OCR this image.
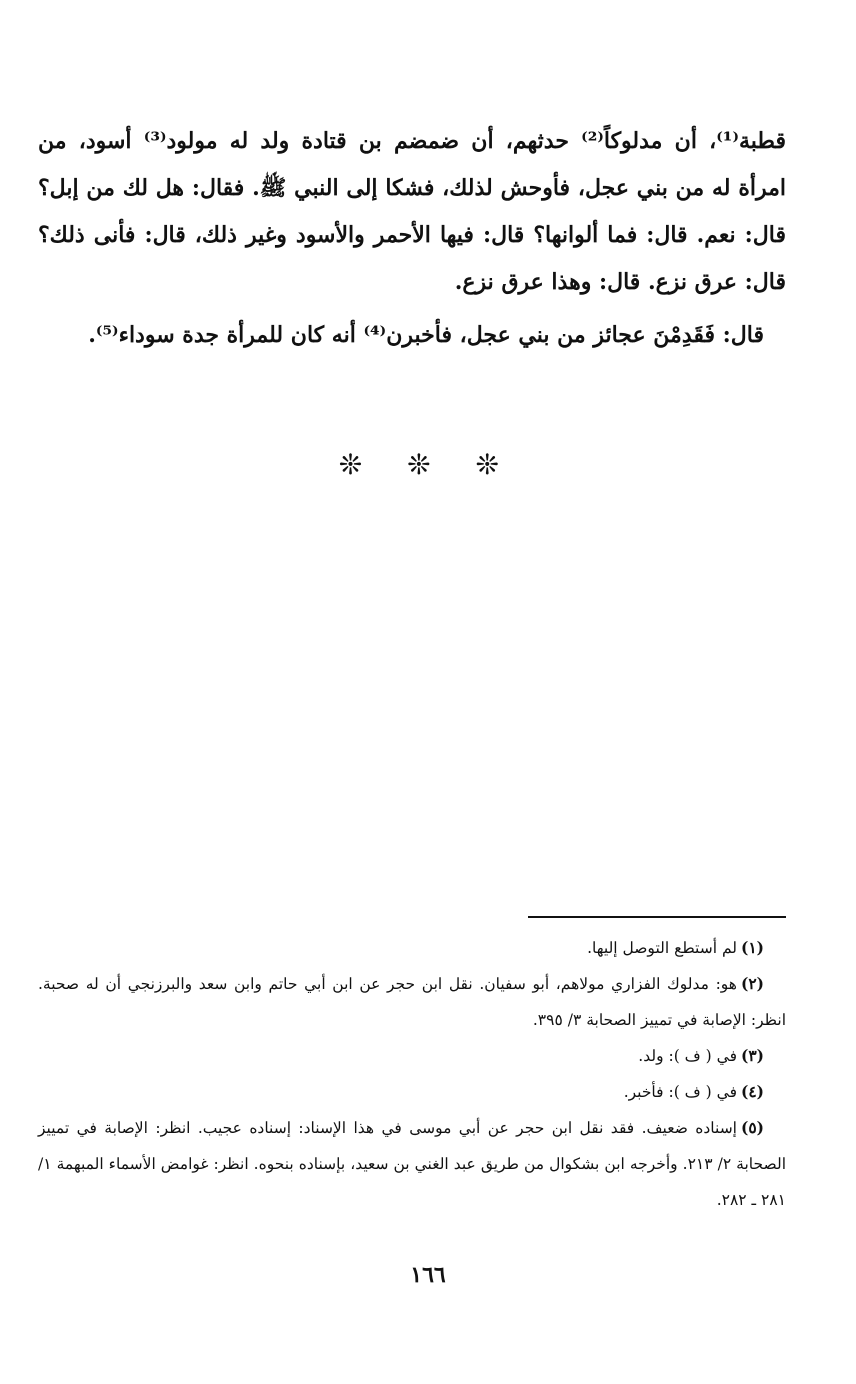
قطبة⁽¹⁾، أن مدلوكاً⁽²⁾ حدثهم، أن ضمضم بن قتادة ولد له مولود⁽³⁾ أسود، من امرأة له من بني عجل، فأوحش لذلك، فشكا إلى النبي ﷺ. فقال: هل لك من إبل؟ قال: نعم. قال: فما ألوانها؟ قال: فيها الأحمر والأسود وغير ذلك، قال: فأنى ذلك؟ قال: عرق نزع. قال: وهذا عرق نزع.

قال: فَقَدِمْنَ عجائز من بني عجل، فأخبرن⁽⁴⁾ أنه كان للمرأة جدة سوداء⁽⁵⁾.

❊ ❊ ❊

(١)لم أستطع التوصل إليها.

(٢)هو: مدلوك الفزاري مولاهم، أبو سفيان. نقل ابن حجر عن ابن أبي حاتم وابن سعد والبرزنجي أن له صحبة. انظر: الإصابة في تمييز الصحابة ٣/ ٣٩٥.

(٣)في ( ف ): ولد.

(٤)في ( ف ): فأخبر.

(٥)إسناده ضعيف. فقد نقل ابن حجر عن أبي موسى في هذا الإسناد: إسناده عجيب. انظر: الإصابة في تمييز الصحابة ٢/ ٢١٣. وأخرجه ابن بشكوال من طريق عبد الغني بن سعيد، بإسناده بنحوه. انظر: غوامض الأسماء المبهمة ١/ ٢٨١ ـ ٢٨٢.

١٦٦
